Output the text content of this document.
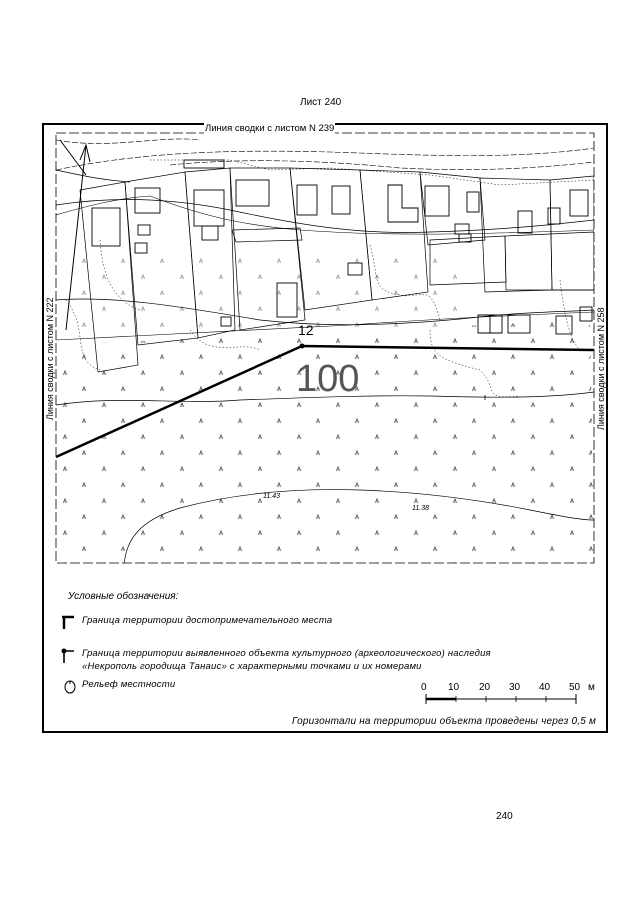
Лист 240
Линия сводки с листом N 239
Линия сводки с листом N 222	Линия сводки с листом N 258
12
100
11.43
11.38
Условные обозначения:
Граница территории достопримечательного места
Граница территории выявленного объекта культурного (археологического) наследия
«Некрополь городища Танаис» с характерными точками и их номерами
Рельеф местности	0 10 20 30 40 50 м
Горизонтали на территории объекта проведены через 0,5 м
240
